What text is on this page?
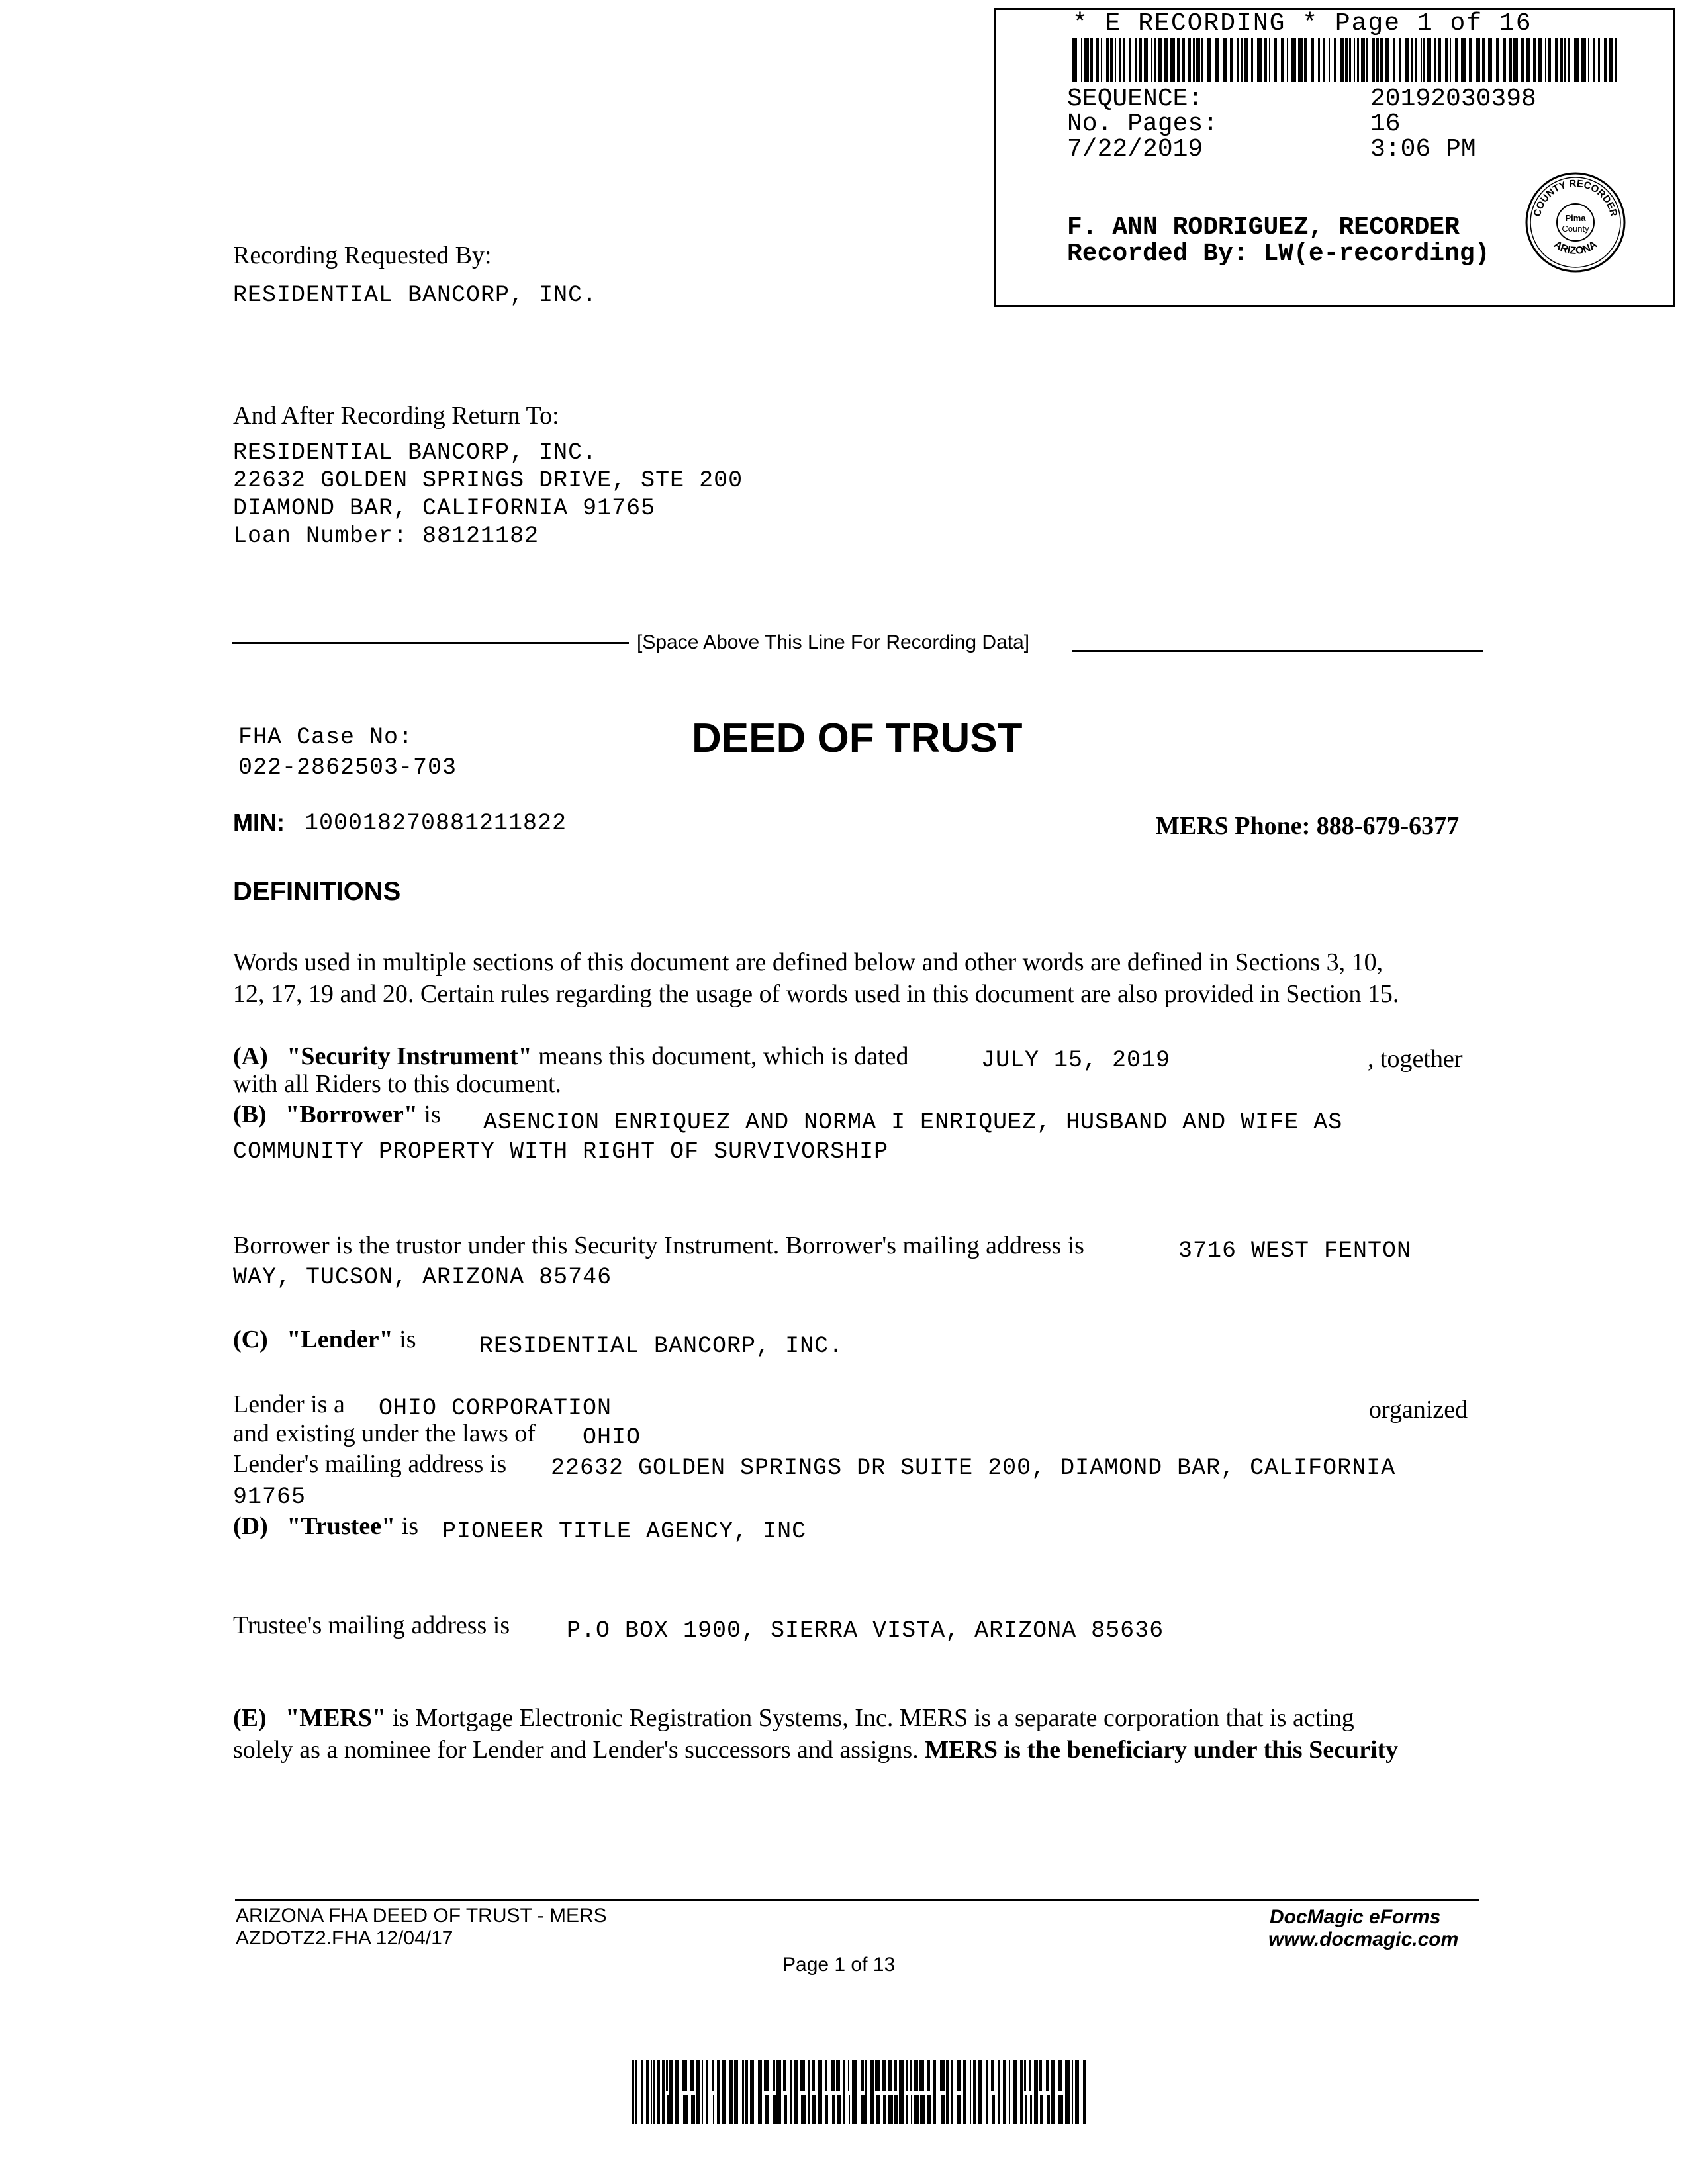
* E RECORDING * Page 1 of 16
SEQUENCE:	20192030398
No. Pages:	16
7/22/2019	3:06 PM
F. ANN RODRIGUEZ, RECORDER
Recorded By: LW(e-recording)
COUNTY RECORDER
ARIZONA
Pima
County
Recording Requested By:
RESIDENTIAL BANCORP, INC.
And After Recording Return To:
RESIDENTIAL BANCORP, INC.
22632 GOLDEN SPRINGS DRIVE, STE 200
DIAMOND BAR, CALIFORNIA 91765
Loan Number: 88121182
[Space Above This Line For Recording Data]
FHA Case No:
022-2862503-703
DEED OF TRUST
MIN: 100018270881211822	MERS Phone: 888-679-6377
DEFINITIONS
Words used in multiple sections of this document are defined below and other words are defined in Sections 3, 10,
12, 17, 19 and 20. Certain rules regarding the usage of words used in this document are also provided in Section 15.
(A) "Security Instrument" means this document, which is dated	JULY 15, 2019	, together
with all Riders to this document.
(B) "Borrower" is ASENCION ENRIQUEZ AND NORMA I ENRIQUEZ, HUSBAND AND WIFE AS
COMMUNITY PROPERTY WITH RIGHT OF SURVIVORSHIP
Borrower is the trustor under this Security Instrument. Borrower's mailing address is	3716 WEST FENTON
WAY, TUCSON, ARIZONA 85746
(C) "Lender" is	RESIDENTIAL BANCORP, INC.
Lender is a OHIO CORPORATION	organized
and existing under the laws of OHIO
Lender's mailing address is 22632 GOLDEN SPRINGS DR SUITE 200, DIAMOND BAR, CALIFORNIA
91765
(D) "Trustee" is PIONEER TITLE AGENCY, INC
Trustee's mailing address is P.O BOX 1900, SIERRA VISTA, ARIZONA 85636
(E) "MERS" is Mortgage Electronic Registration Systems, Inc. MERS is a separate corporation that is acting
solely as a nominee for Lender and Lender's successors and assigns. MERS is the beneficiary under this Security
ARIZONA FHA DEED OF TRUST - MERS
AZDOTZ2.FHA 12/04/17
Page 1 of 13
DocMagic eForms
www.docmagic.com
